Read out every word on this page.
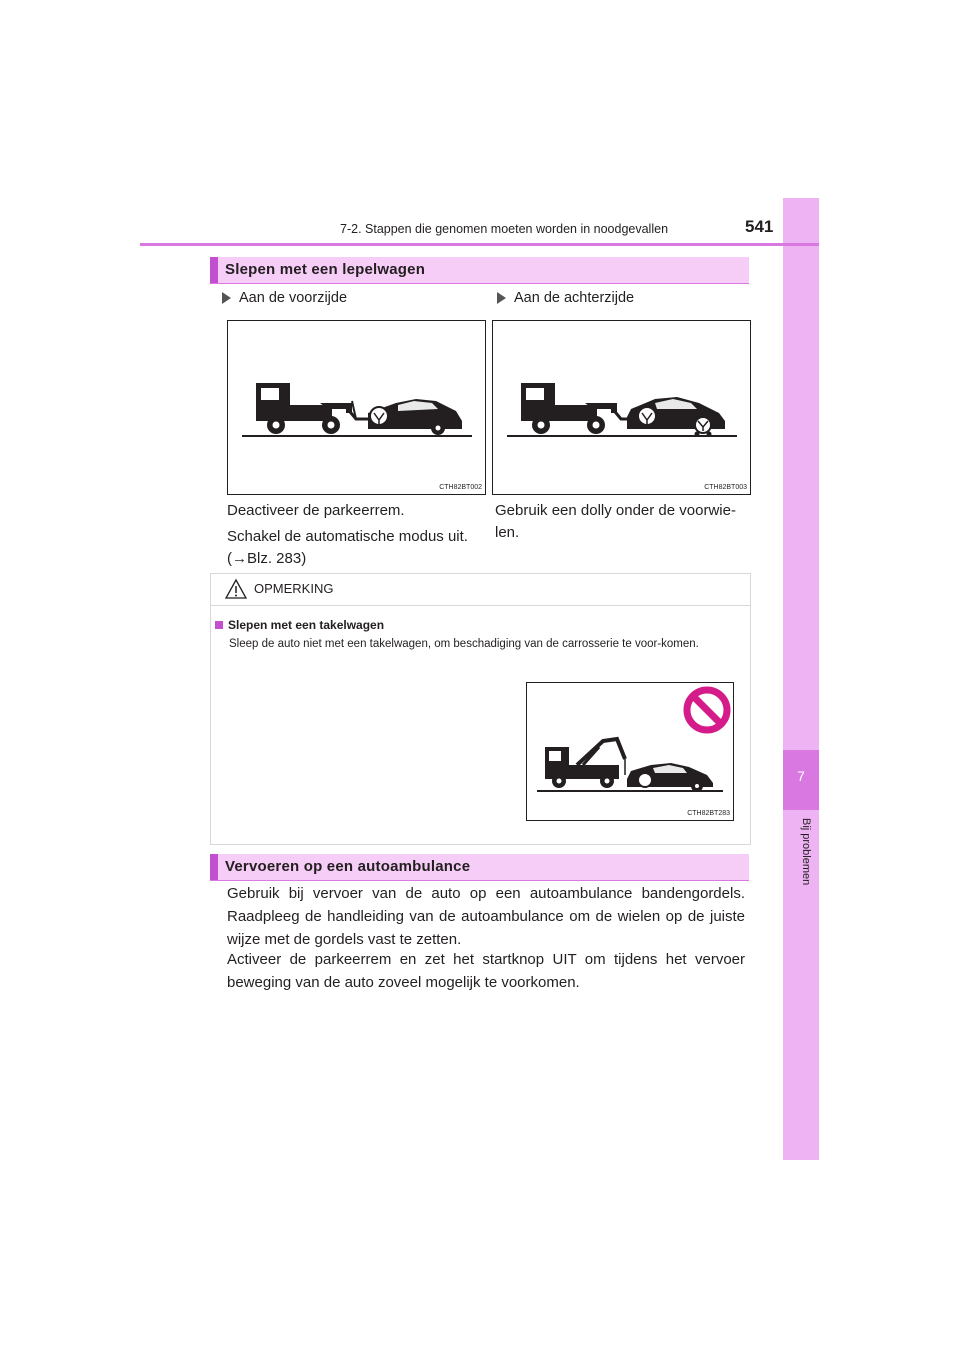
7
Bij problemen
7-2. Stappen die genomen moeten worden in noodgevallen	541
Slepen met een lepelwagen
Aan de voorzijde	Aan de achterzijde
CTH82BT002	CTH82BT003
Deactiveer de parkeerrem.
Schakel de automatische modus uit.
(→Blz. 283)
Gebruik een dolly onder de voorwie-
len.
OPMERKING
Slepen met een takelwagen
Sleep de auto niet met een takelwagen, om beschadiging van de carrosserie te voor-komen.
CTH82BT283
Vervoeren op een autoambulance
Gebruik bij vervoer van de auto op een autoambulance bandengordels. Raadpleeg de handleiding van de autoambulance om de wielen op de juiste wijze met de gordels vast te zetten.
Activeer de parkeerrem en zet het startknop UIT om tijdens het vervoer beweging van de auto zoveel mogelijk te voorkomen.
